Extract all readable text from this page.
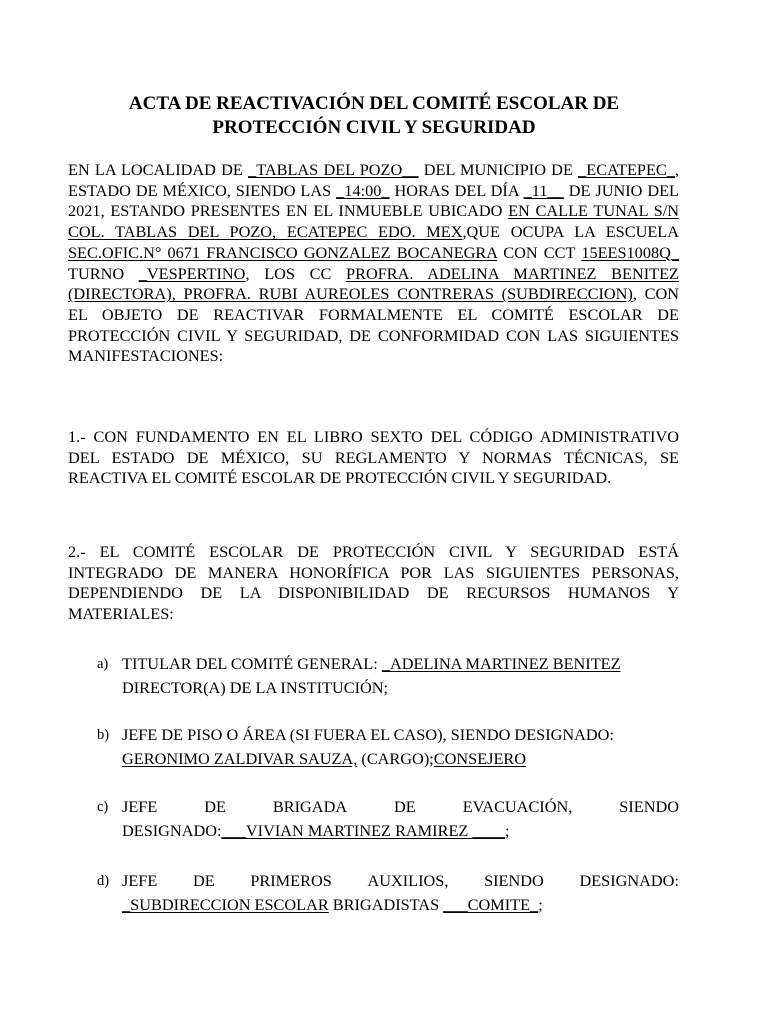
ACTA DE REACTIVACIÓN DEL COMITÉ ESCOLAR DE
PROTECCIÓN CIVIL Y SEGURIDAD

EN LA LOCALIDAD DE _TABLAS DEL POZO__ DEL MUNICIPIO DE _ECATEPEC_, ESTADO DE MÉXICO, SIENDO LAS _14:00_ HORAS DEL DÍA _11__ DE JUNIO DEL 2021, ESTANDO PRESENTES EN EL INMUEBLE UBICADO EN CALLE TUNAL S/N COL. TABLAS DEL POZO, ECATEPEC EDO. MEX,QUE OCUPA LA ESCUELA SEC.OFIC.N° 0671 FRANCISCO GONZALEZ BOCANEGRA CON CCT 15EES1008Q_ TURNO _VESPERTINO, LOS CC PROFRA. ADELINA MARTINEZ BENITEZ (DIRECTORA), PROFRA. RUBI AUREOLES CONTRERAS (SUBDIRECCION), CON EL OBJETO DE REACTIVAR FORMALMENTE EL COMITÉ ESCOLAR DE PROTECCIÓN CIVIL Y SEGURIDAD, DE CONFORMIDAD CON LAS SIGUIENTES MANIFESTACIONES:

1.- CON FUNDAMENTO EN EL LIBRO SEXTO DEL CÓDIGO ADMINISTRATIVO DEL ESTADO DE MÉXICO, SU REGLAMENTO Y NORMAS TÉCNICAS, SE REACTIVA EL COMITÉ ESCOLAR DE PROTECCIÓN CIVIL Y SEGURIDAD.

2.- EL COMITÉ ESCOLAR DE PROTECCIÓN CIVIL Y SEGURIDAD ESTÁ INTEGRADO DE MANERA HONORÍFICA POR LAS SIGUIENTES PERSONAS, DEPENDIENDO DE LA DISPONIBILIDAD DE RECURSOS HUMANOS Y MATERIALES:

a) TITULAR DEL COMITÉ GENERAL: _ADELINA MARTINEZ BENITEZ
DIRECTOR(A) DE LA INSTITUCIÓN;
b) JEFE DE PISO O ÁREA (SI FUERA EL CASO), SIENDO DESIGNADO:
GERONIMO ZALDIVAR SAUZA, (CARGO);CONSEJERO
c) JEFE	DE	BRIGADA	DE	EVACUACIÓN,	SIENDO
DESIGNADO:___VIVIAN MARTINEZ RAMIREZ ____;
d) JEFE DE PRIMEROS AUXILIOS, SIENDO DESIGNADO:
_SUBDIRECCION ESCOLAR BRIGADISTAS ___COMITE_;
